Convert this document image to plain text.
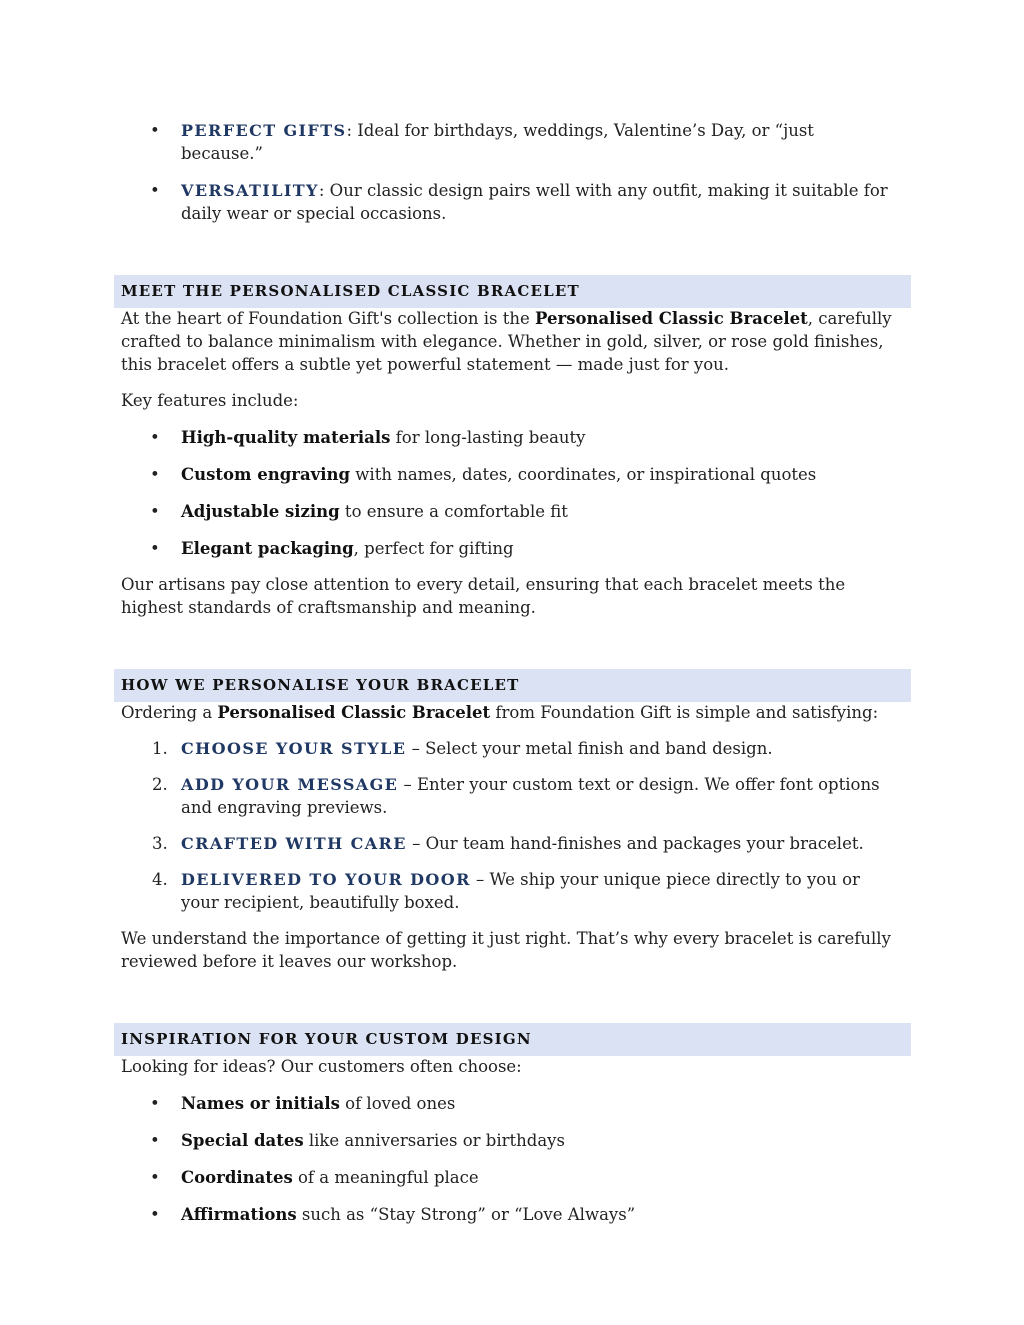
• PERFECT GIFTS: Ideal for birthdays, weddings, Valentine’s Day, or “just because.”
• VERSATILITY: Our classic design pairs well with any outfit, making it suitable for daily wear or special occasions.
MEET THE PERSONALISED CLASSIC BRACELET

At the heart of Foundation Gift's collection is the Personalised Classic Bracelet, carefully crafted to balance minimalism with elegance. Whether in gold, silver, or rose gold finishes, this bracelet offers a subtle yet powerful statement — made just for you.

Key features include:

• High-quality materials for long-lasting beauty
• Custom engraving with names, dates, coordinates, or inspirational quotes
• Adjustable sizing to ensure a comfortable fit
• Elegant packaging, perfect for gifting

Our artisans pay close attention to every detail, ensuring that each bracelet meets the highest standards of craftsmanship and meaning.

HOW WE PERSONALISE YOUR BRACELET

Ordering a Personalised Classic Bracelet from Foundation Gift is simple and satisfying:

1. CHOOSE YOUR STYLE – Select your metal finish and band design.
2. ADD YOUR MESSAGE – Enter your custom text or design. We offer font options and engraving previews.
3. CRAFTED WITH CARE – Our team hand-finishes and packages your bracelet.
4. DELIVERED TO YOUR DOOR – We ship your unique piece directly to you or your recipient, beautifully boxed.

We understand the importance of getting it just right. That’s why every bracelet is carefully reviewed before it leaves our workshop.

INSPIRATION FOR YOUR CUSTOM DESIGN

Looking for ideas? Our customers often choose:

• Names or initials of loved ones
• Special dates like anniversaries or birthdays
• Coordinates of a meaningful place
• Affirmations such as “Stay Strong” or “Love Always”
